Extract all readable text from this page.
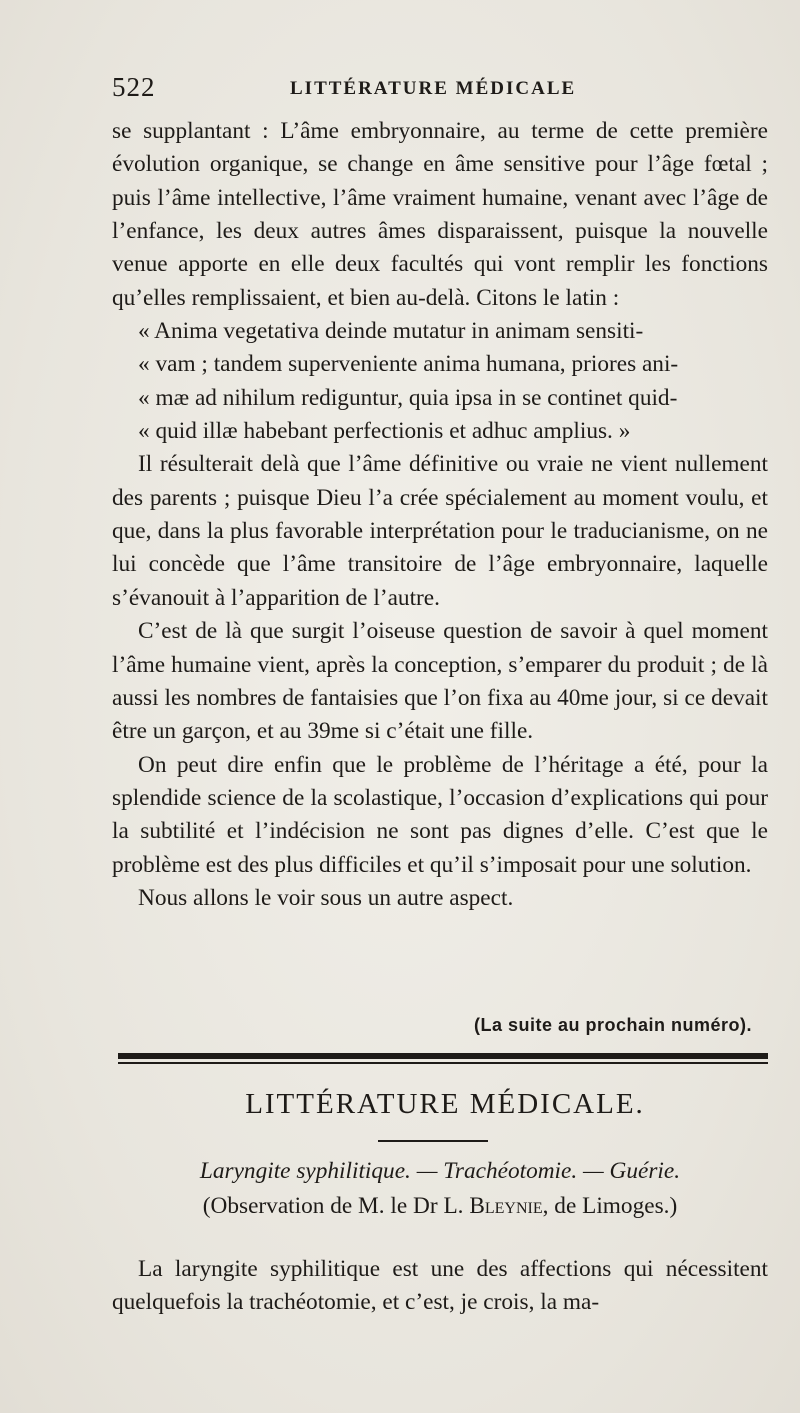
522	LITTÉRATURE MÉDICALE

se supplantant : L’âme embryonnaire, au terme de cette première évolution organique, se change en âme sensitive pour l’âge fœtal ; puis l’âme intellective, l’âme vraiment humaine, venant avec l’âge de l’enfance, les deux autres âmes disparaissent, puisque la nouvelle venue apporte en elle deux facultés qui vont remplir les fonctions qu’elles remplissaient, et bien au-delà. Citons le latin :

« Anima vegetativa deinde mutatur in animam sensiti-
« vam ; tandem superveniente anima humana, priores ani-
« mæ ad nihilum rediguntur, quia ipsa in se continet quid-
« quid illæ habebant perfectionis et adhuc amplius. »

Il résulterait delà que l’âme définitive ou vraie ne vient nullement des parents ; puisque Dieu l’a crée spécialement au moment voulu, et que, dans la plus favorable interprétation pour le traducianisme, on ne lui concède que l’âme transitoire de l’âge embryonnaire, laquelle s’évanouit à l’apparition de l’autre.

C’est de là que surgit l’oiseuse question de savoir à quel moment l’âme humaine vient, après la conception, s’emparer du produit ; de là aussi les nombres de fantaisies que l’on fixa au 40me jour, si ce devait être un garçon, et au 39me si c’était une fille.

On peut dire enfin que le problème de l’héritage a été, pour la splendide science de la scolastique, l’occasion d’explications qui pour la subtilité et l’indécision ne sont pas dignes d’elle. C’est que le problème est des plus difficiles et qu’il s’imposait pour une solution.

Nous allons le voir sous un autre aspect.

(La suite au prochain numéro).
LITTÉRATURE MÉDICALE.
Laryngite syphilitique. — Trachéotomie. — Guérie.
(Observation de M. le Dr L. Bleynie, de Limoges.)

La laryngite syphilitique est une des affections qui nécessitent quelquefois la trachéotomie, et c’est, je crois, la ma-
